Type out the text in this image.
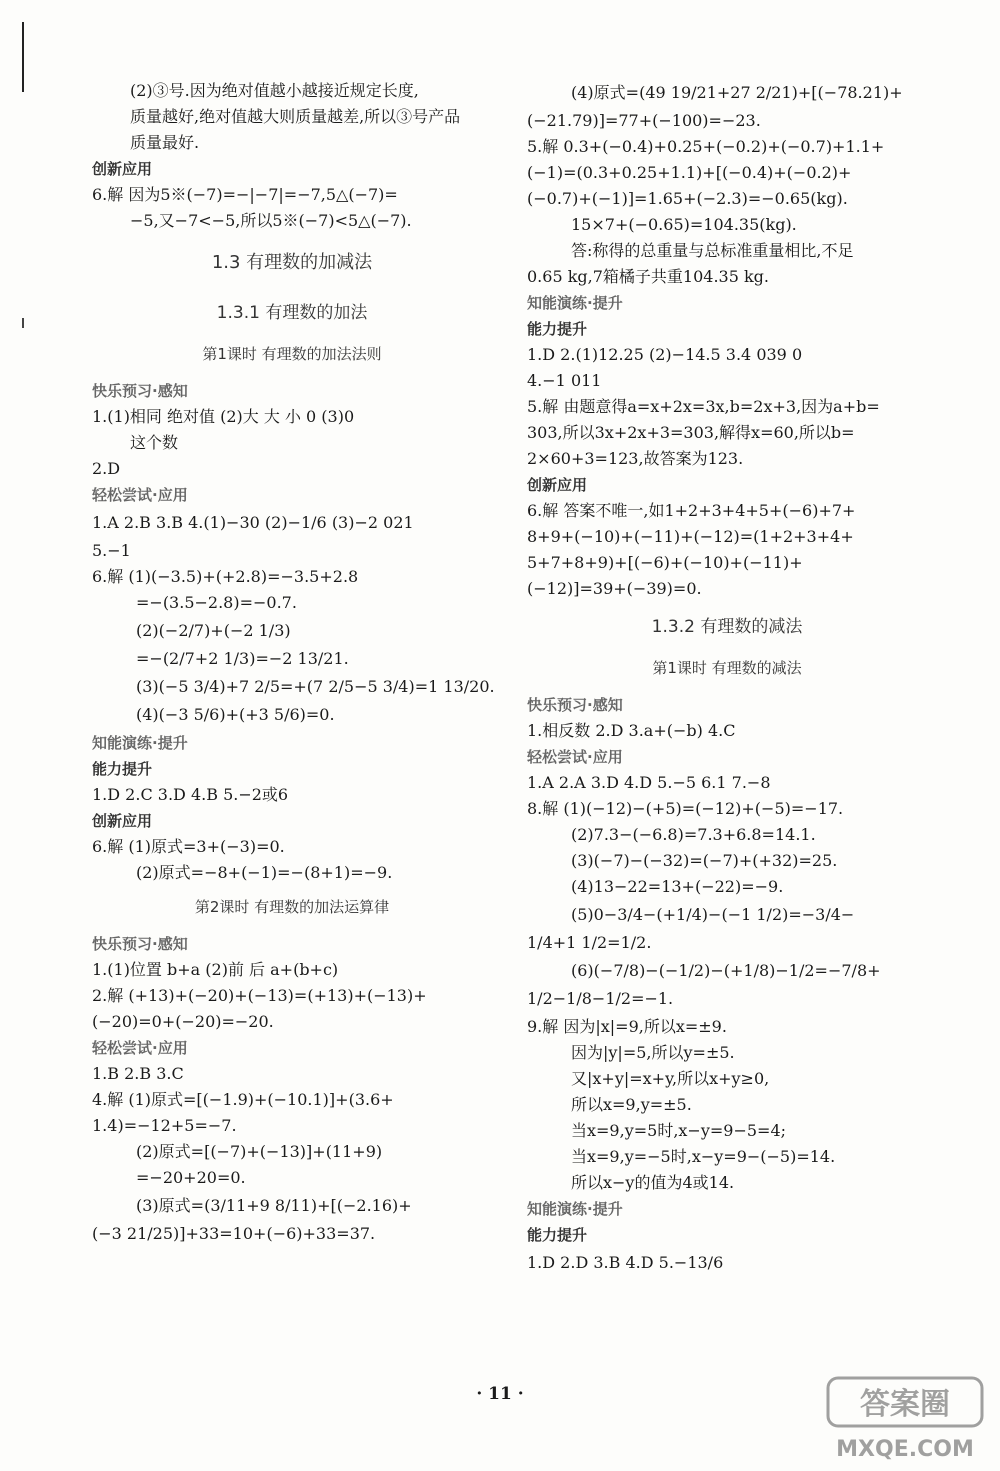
(2)③号.因为绝对值越小越接近规定长度,
质量越好,绝对值越大则质量越差,所以③号产品
质量最好.
创新应用
6.解 因为5※(−7)=−|−7|=−7,5△(−7)=
−5,又−7<−5,所以5※(−7)<5△(−7).
1.3 有理数的加减法
1.3.1 有理数的加法
第1课时 有理数的加法法则
快乐预习·感知
1.(1)相同 绝对值 (2)大 大 小 0 (3)0
这个数
2.D
轻松尝试·应用
1.A 2.B 3.B 4.(1)−30 (2)−1/6 (3)−2 021
5.−1
6.解 (1)(−3.5)+(+2.8)=−3.5+2.8
=−(3.5−2.8)=−0.7.
(2)(−2/7)+(−2 1/3)
=−(2/7+2 1/3)=−2 13/21.
(3)(−5 3/4)+7 2/5=+(7 2/5−5 3/4)=1 13/20.
(4)(−3 5/6)+(+3 5/6)=0.
知能演练·提升
能力提升
1.D 2.C 3.D 4.B 5.−2或6
创新应用
6.解 (1)原式=3+(−3)=0.
(2)原式=−8+(−1)=−(8+1)=−9.
第2课时 有理数的加法运算律
快乐预习·感知
1.(1)位置 b+a (2)前 后 a+(b+c)
2.解 (+13)+(−20)+(−13)=(+13)+(−13)+
(−20)=0+(−20)=−20.
轻松尝试·应用
1.B 2.B 3.C
4.解 (1)原式=[(−1.9)+(−10.1)]+(3.6+
1.4)=−12+5=−7.
(2)原式=[(−7)+(−13)]+(11+9)
=−20+20=0.
(3)原式=(3/11+9 8/11)+[(−2.16)+
(−3 21/25)]+33=10+(−6)+33=37.
(4)原式=(49 19/21+27 2/21)+[(−78.21)+
(−21.79)]=77+(−100)=−23.
5.解 0.3+(−0.4)+0.25+(−0.2)+(−0.7)+1.1+
(−1)=(0.3+0.25+1.1)+[(−0.4)+(−0.2)+
(−0.7)+(−1)]=1.65+(−2.3)=−0.65(kg).
15×7+(−0.65)=104.35(kg).
答:称得的总重量与总标准重量相比,不足
0.65 kg,7箱橘子共重104.35 kg.
知能演练·提升
能力提升
1.D 2.(1)12.25 (2)−14.5 3.4 039 0
4.−1 011
5.解 由题意得a=x+2x=3x,b=2x+3,因为a+b=
303,所以3x+2x+3=303,解得x=60,所以b=
2×60+3=123,故答案为123.
创新应用
6.解 答案不唯一,如1+2+3+4+5+(−6)+7+
8+9+(−10)+(−11)+(−12)=(1+2+3+4+
5+7+8+9)+[(−6)+(−10)+(−11)+
(−12)]=39+(−39)=0.
1.3.2 有理数的减法
第1课时 有理数的减法
快乐预习·感知
1.相反数 2.D 3.a+(−b) 4.C
轻松尝试·应用
1.A 2.A 3.D 4.D 5.−5 6.1 7.−8
8.解 (1)(−12)−(+5)=(−12)+(−5)=−17.
(2)7.3−(−6.8)=7.3+6.8=14.1.
(3)(−7)−(−32)=(−7)+(+32)=25.
(4)13−22=13+(−22)=−9.
(5)0−3/4−(+1/4)−(−1 1/2)=−3/4−
1/4+1 1/2=1/2.
(6)(−7/8)−(−1/2)−(+1/8)−1/2=−7/8+
1/2−1/8−1/2=−1.
9.解 因为|x|=9,所以x=±9.
因为|y|=5,所以y=±5.
又|x+y|=x+y,所以x+y≥0,
所以x=9,y=±5.
当x=9,y=5时,x−y=9−5=4;
当x=9,y=−5时,x−y=9−(−5)=14.
所以x−y的值为4或14.
知能演练·提升
能力提升
1.D 2.D 3.B 4.D 5.−13/6
· 11 ·	答案圈
MXQE.COM
